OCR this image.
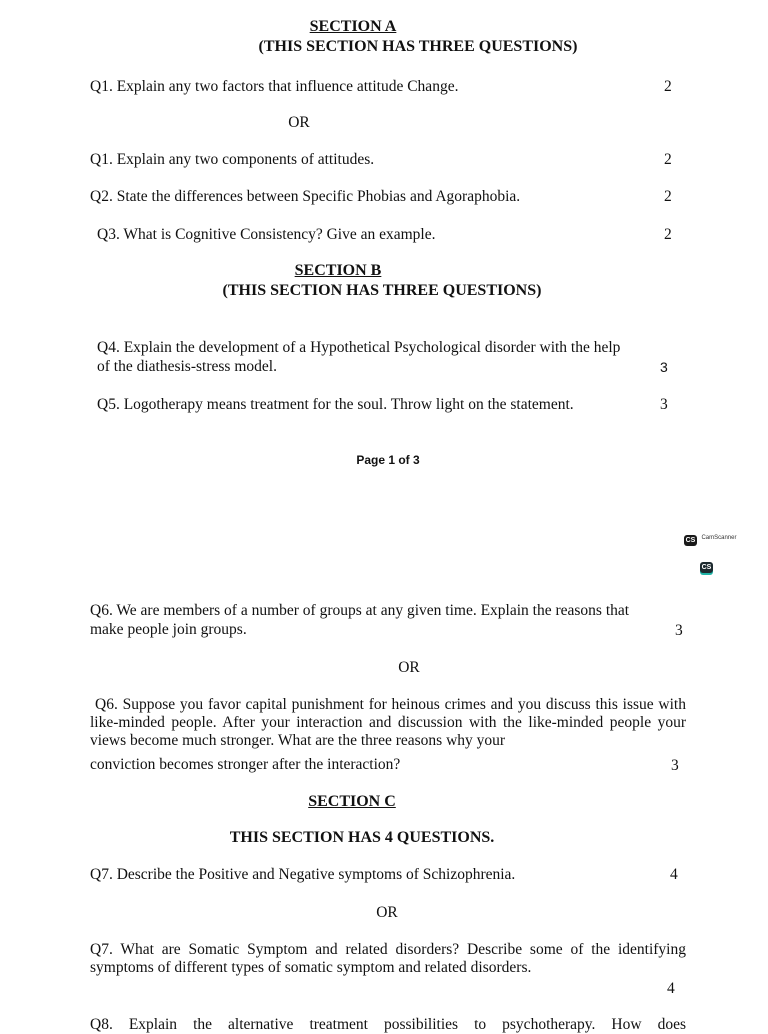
SECTION A
(THIS SECTION HAS THREE QUESTIONS)
Q1. Explain any two factors that influence attitude Change.	2
OR
Q1. Explain any two components of attitudes.	2
Q2. State the differences between Specific Phobias and Agoraphobia.	2
Q3. What is Cognitive Consistency? Give an example.	2
SECTION B
(THIS SECTION HAS THREE QUESTIONS)
Q4. Explain the development of a Hypothetical Psychological disorder with the help
of the diathesis-stress model.	3
Q5. Logotherapy means treatment for the soul. Throw light on the statement.	3
Page 1 of 3
CS CamScanner
CS
Q6. We are members of a number of groups at any given time. Explain the reasons that
make people join groups.	3
OR
Q6. Suppose you favor capital punishment for heinous crimes and you discuss this issue with like-minded people. After your interaction and discussion with the like-minded people your views become much stronger. What are the three reasons why your
conviction becomes stronger after the interaction?	3
SECTION C
THIS SECTION HAS 4 QUESTIONS.
Q7. Describe the Positive and Negative symptoms of Schizophrenia.	4
OR
Q7. What are Somatic Symptom and related disorders? Describe some of the identifying symptoms of different types of somatic symptom and related disorders.
4
Q8. Explain the alternative treatment possibilities to psychotherapy. How does
